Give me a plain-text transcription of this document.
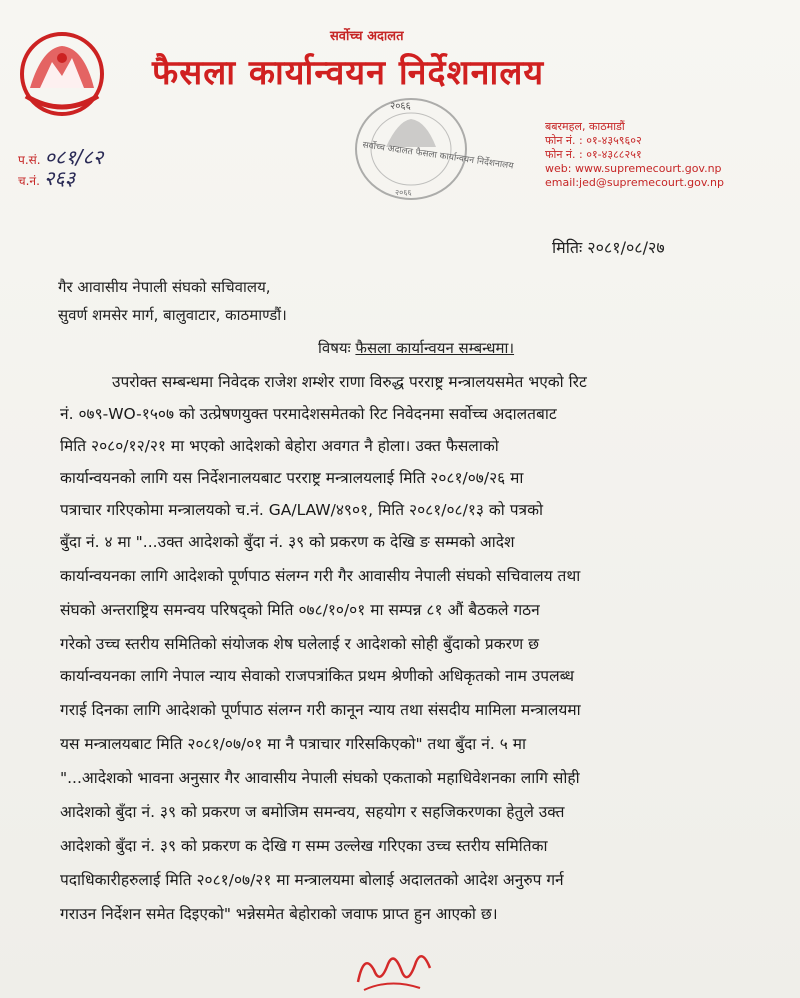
सर्वोच्च अदालत
फैसला कार्यान्वयन निर्देशनालय
२०६६
सर्वोच्च अदालत फैसला कार्यान्वयन निर्देशनालय
२०६६
बबरमहल, काठमाडौं
फोन नं. : ०१-४३५९६०२
फोन नं. : ०१-४३८८२५१
web: www.supremecourt.gov.np
email:jed@supremecourt.gov.np
प.सं. ०८१/८२
च.नं. २६३
मितिः २०८१/०८/२७
गैर आवासीय नेपाली संघको सचिवालय,
सुवर्ण शमसेर मार्ग, बालुवाटार, काठमाण्डौं।
विषयः फैसला कार्यान्वयन सम्बन्धमा।
उपरोक्त सम्बन्धमा निवेदक राजेश शम्शेर राणा विरुद्ध परराष्ट्र मन्त्रालयसमेत भएको रिट
नं. ०७९-WO-१५०७ को उत्प्रेषणयुक्त परमादेशसमेतको रिट निवेदनमा सर्वोच्च अदालतबाट
मिति २०८०/१२/२१ मा भएको आदेशको बेहोरा अवगत नै होला। उक्त फैसलाको
कार्यान्वयनको लागि यस निर्देशनालयबाट परराष्ट्र मन्त्रालयलाई मिति २०८१/०७/२६ मा
पत्राचार गरिएकोमा मन्त्रालयको च.नं. GA/LAW/४९०१, मिति २०८१/०८/१३ को पत्रको
बुँदा नं. ४ मा "...उक्त आदेशको बुँदा नं. ३९ को प्रकरण क देखि ङ सम्मको आदेश
कार्यान्वयनका लागि आदेशको पूर्णपाठ संलग्न गरी गैर आवासीय नेपाली संघको सचिवालय तथा
संघको अन्तराष्ट्रिय समन्वय परिषद्को मिति ०७८/१०/०१ मा सम्पन्न ८१ औं बैठकले गठन
गरेको उच्च स्तरीय समितिको संयोजक शेष घलेलाई र आदेशको सोही बुँदाको प्रकरण छ
कार्यान्वयनका लागि नेपाल न्याय सेवाको राजपत्रांकित प्रथम श्रेणीको अधिकृतको नाम उपलब्ध
गराई दिनका लागि आदेशको पूर्णपाठ संलग्न गरी कानून न्याय तथा संसदीय मामिला मन्त्रालयमा
यस मन्त्रालयबाट मिति २०८१/०७/०१ मा नै पत्राचार गरिसकिएको" तथा बुँदा नं. ५ मा
"...आदेशको भावना अनुसार गैर आवासीय नेपाली संघको एकताको महाधिवेशनका लागि सोही
आदेशको बुँदा नं. ३९ को प्रकरण ज बमोजिम समन्वय, सहयोग र सहजिकरणका हेतुले उक्त
आदेशको बुँदा नं. ३९ को प्रकरण क देखि ग सम्म उल्लेख गरिएका उच्च स्तरीय समितिका
पदाधिकारीहरुलाई मिति २०८१/०७/२१ मा मन्त्रालयमा बोलाई अदालतको आदेश अनुरुप गर्न
गराउन निर्देशन समेत दिइएको" भन्नेसमेत बेहोराको जवाफ प्राप्त हुन आएको छ।
